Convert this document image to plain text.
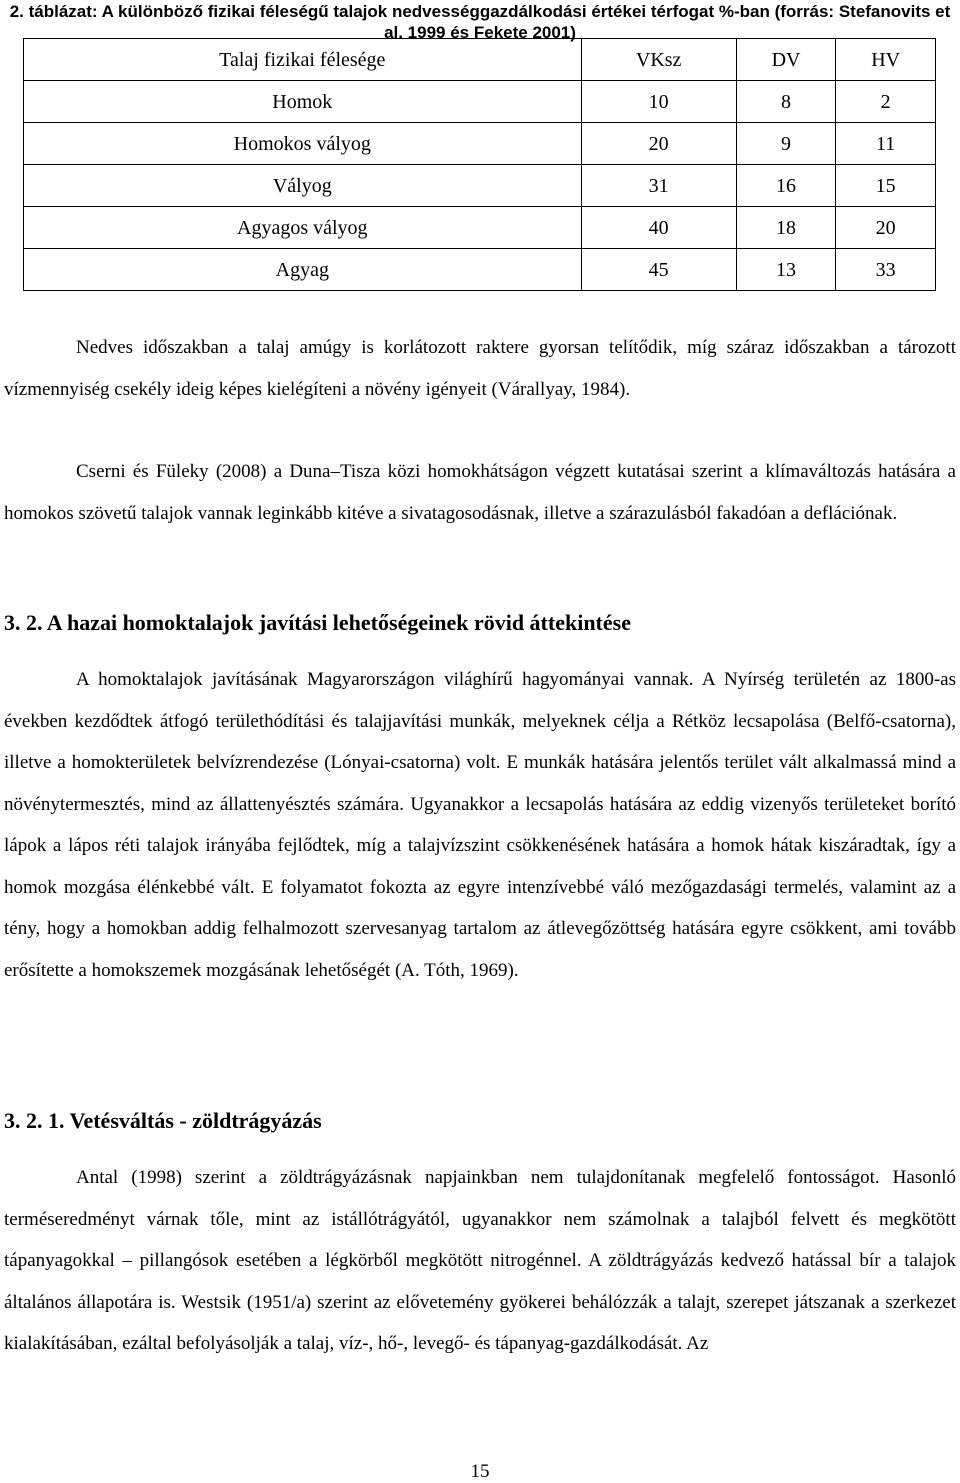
2. táblázat: A különböző fizikai féleségű talajok nedvességgazdálkodási értékei térfogat %-ban (forrás: Stefanovits et al. 1999 és Fekete 2001)
Talaj fizikai félesége	VKsz	DV	HV
Homok	10	8	2
Homokos vályog	20	9	11
Vályog	31	16	15
Agyagos vályog	40	18	20
Agyag	45	13	33
Nedves időszakban a talaj amúgy is korlátozott raktere gyorsan telítődik, míg száraz időszakban a tározott vízmennyiség csekély ideig képes kielégíteni a növény igényeit (Várallyay, 1984).
Cserni és Füleky (2008) a Duna–Tisza közi homokhátságon végzett kutatásai szerint a klímaváltozás hatására a homokos szövetű talajok vannak leginkább kitéve a sivatagosodásnak, illetve a szárazulásból fakadóan a deflációnak.
3. 2. A hazai homoktalajok javítási lehetőségeinek rövid áttekintése
A homoktalajok javításának Magyarországon világhírű hagyományai vannak. A Nyírség területén az 1800-as években kezdődtek átfogó területhódítási és talajjavítási munkák, melyeknek célja a Rétköz lecsapolása (Belfő-csatorna), illetve a homokterületek belvízrendezése (Lónyai-csatorna) volt. E munkák hatására jelentős terület vált alkalmassá mind a növénytermesztés, mind az állattenyésztés számára. Ugyanakkor a lecsapolás hatására az eddig vizenyős területeket borító lápok a lápos réti talajok irányába fejlődtek, míg a talajvízszint csökkenésének hatására a homok hátak kiszáradtak, így a homok mozgása élénkebbé vált. E folyamatot fokozta az egyre intenzívebbé váló mezőgazdasági termelés, valamint az a tény, hogy a homokban addig felhalmozott szervesanyag tartalom az átlevegőzöttség hatására egyre csökkent, ami tovább erősítette a homokszemek mozgásának lehetőségét (A. Tóth, 1969).
3. 2. 1. Vetésváltás - zöldtrágyázás
Antal (1998) szerint a zöldtrágyázásnak napjainkban nem tulajdonítanak megfelelő fontosságot. Hasonló terméseredményt várnak tőle, mint az istállótrágyától, ugyanakkor nem számolnak a talajból felvett és megkötött tápanyagokkal – pillangósok esetében a légkörből megkötött nitrogénnel. A zöldtrágyázás kedvező hatással bír a talajok általános állapotára is. Westsik (1951/a) szerint az elővetemény gyökerei behálózzák a talajt, szerepet játszanak a szerkezet kialakításában, ezáltal befolyásolják a talaj, víz-, hő-, levegő- és tápanyag-gazdálkodását. Az
15
